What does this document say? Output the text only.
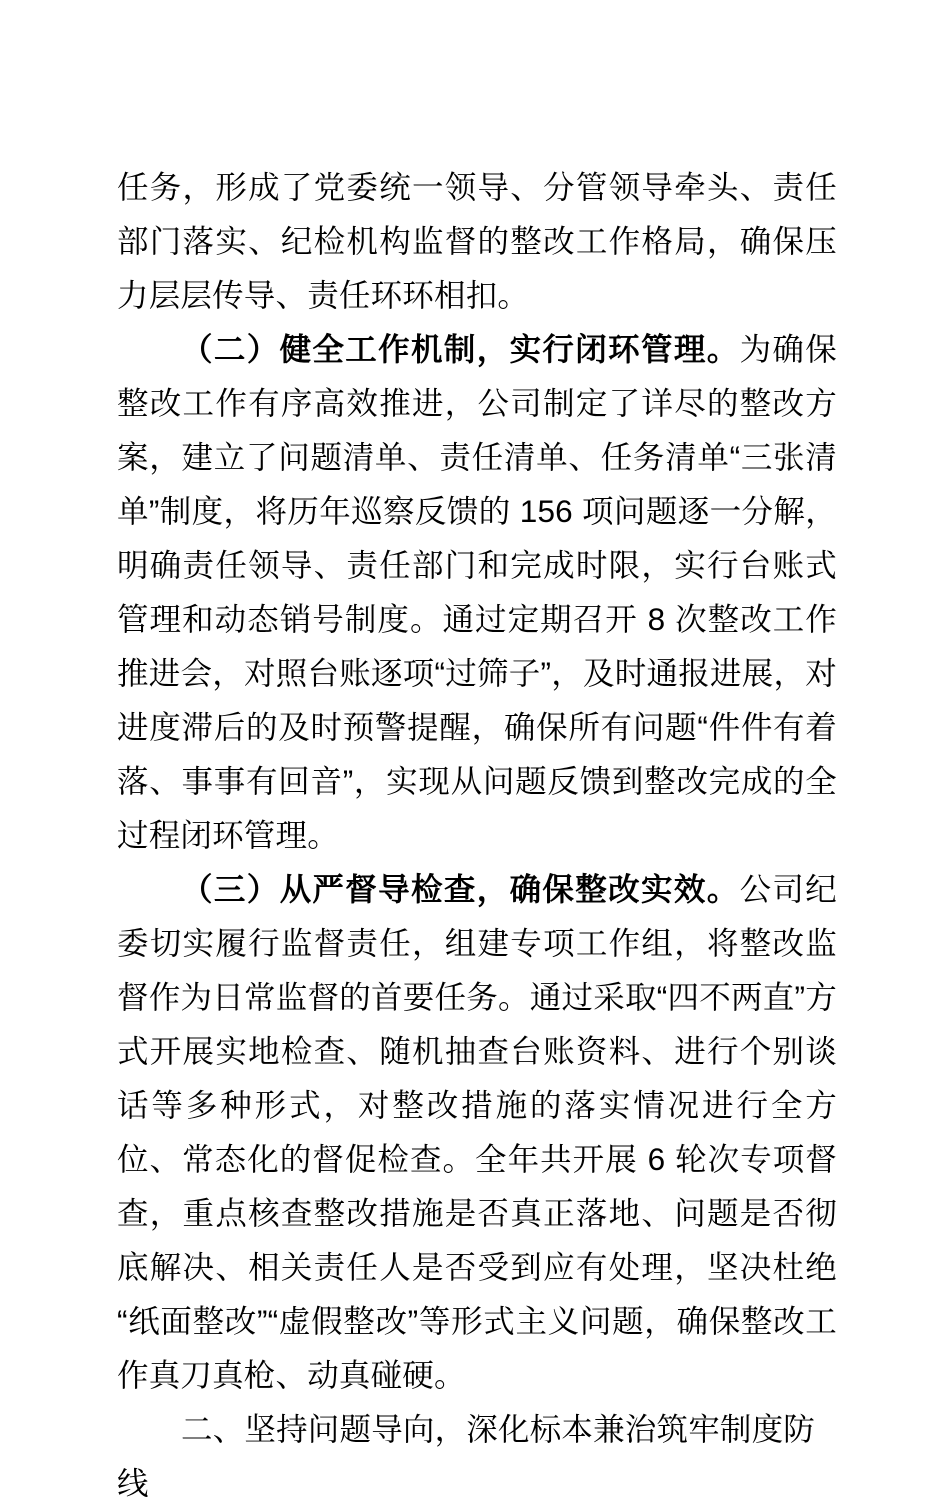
任务，形成了党委统一领导、分管领导牵头、责任部门落实、纪检机构监督的整改工作格局，确保压力层层传导、责任环环相扣。

（二）健全工作机制，实行闭环管理。为确保整改工作有序高效推进，公司制定了详尽的整改方案，建立了问题清单、责任清单、任务清单“三张清单”制度，将历年巡察反馈的 156 项问题逐一分解，明确责任领导、责任部门和完成时限，实行台账式管理和动态销号制度。通过定期召开 8 次整改工作推进会，对照台账逐项“过筛子”，及时通报进展，对进度滞后的及时预警提醒，确保所有问题“件件有着落、事事有回音”，实现从问题反馈到整改完成的全过程闭环管理。

（三）从严督导检查，确保整改实效。公司纪委切实履行监督责任，组建专项工作组，将整改监督作为日常监督的首要任务。通过采取“四不两直”方式开展实地检查、随机抽查台账资料、进行个别谈话等多种形式，对整改措施的落实情况进行全方位、常态化的督促检查。全年共开展 6 轮次专项督查，重点核查整改措施是否真正落地、问题是否彻底解决、相关责任人是否受到应有处理，坚决杜绝“纸面整改”“虚假整改”等形式主义问题，确保整改工作真刀真枪、动真碰硬。

二、坚持问题导向，深化标本兼治筑牢制度防线
